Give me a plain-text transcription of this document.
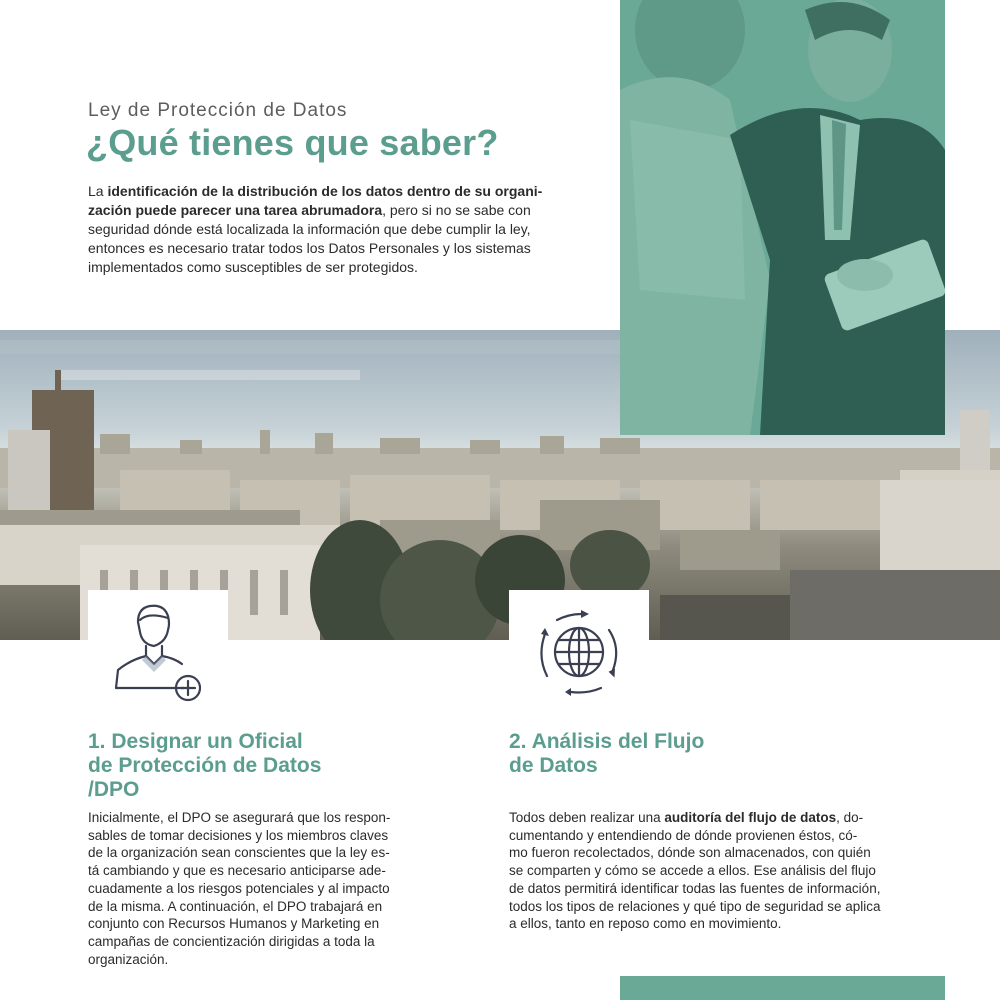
Ley de Protección de Datos
¿Qué tienes que saber?

La identificación de la distribución de los datos dentro de su organi-
zación puede parecer una tarea abrumadora, pero si no se sabe con
seguridad dónde está localizada la información que debe cumplir la ley,
entonces es necesario tratar todos los Datos Personales y los sistemas
implementados como susceptibles de ser protegidos.

1. Designar un Oficial
de Protección de Datos
/DPO

Inicialmente, el DPO se asegurará que los respon-
sables de tomar decisiones y los miembros claves
de la organización sean conscientes que la ley es-
tá cambiando y que es necesario anticiparse ade-
cuadamente a los riesgos potenciales y al impacto
de la misma. A continuación, el DPO trabajará en
conjunto con Recursos Humanos y Marketing en
campañas de concientización dirigidas a toda la
organización.

2. Análisis del Flujo
de Datos

Todos deben realizar una auditoría del flujo de datos, do-
cumentando y entendiendo de dónde provienen éstos, có-
mo fueron recolectados, dónde son almacenados, con quién
se comparten y cómo se accede a ellos. Ese análisis del flujo
de datos permitirá identificar todas las fuentes de información,
todos los tipos de relaciones y qué tipo de seguridad se aplica
a ellos, tanto en reposo como en movimiento.
